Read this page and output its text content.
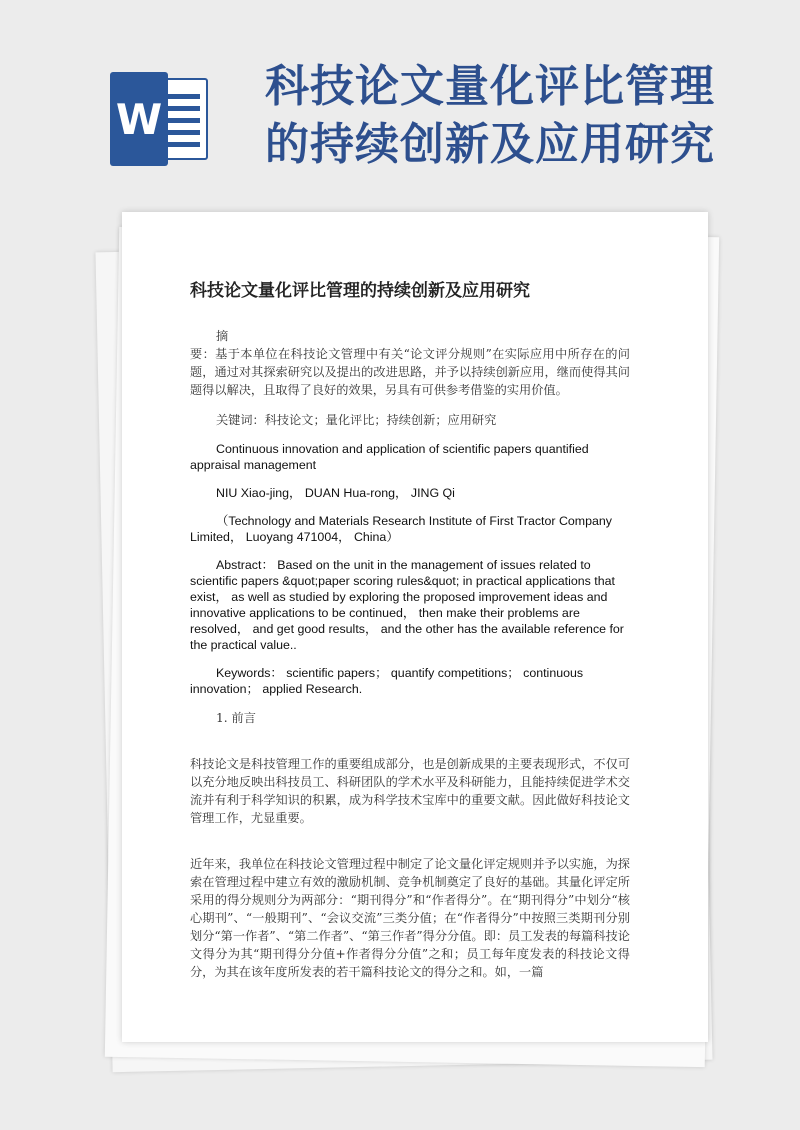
W
科技论文量化评比管理
的持续创新及应用研究

科技论文量化评比管理的持续创新及应用研究

摘

要：基于本单位在科技论文管理中有关“论文评分规则”在实际应用中所存在的问题，通过对其探索研究以及提出的改进思路，并予以持续创新应用，继而使得其问题得以解决，且取得了良好的效果，另具有可供参考借鉴的实用价值。

关键词：科技论文；量化评比；持续创新；应用研究

Continuous innovation and application of scientific papers quantified appraisal management

NIU Xiao-jing， DUAN Hua-rong， JING Qi

（Technology and Materials Research Institute of First Tractor Company Limited， Luoyang 471004， China）

Abstract： Based on the unit in the management of issues related to scientific papers &quot;paper scoring rules&quot; in practical applications that exist， as well as studied by exploring the proposed improvement ideas and innovative applications to be continued， then make their problems are resolved， and get good results， and the other has the available reference for the practical value..

Keywords： scientific papers； quantify competitions； continuous innovation； applied Research.

1. 前言

科技论文是科技管理工作的重要组成部分，也是创新成果的主要表现形式，不仅可以充分地反映出科技员工、科研团队的学术水平及科研能力，且能持续促进学术交流并有利于科学知识的积累，成为科学技术宝库中的重要文献。因此做好科技论文管理工作，尤显重要。

近年来，我单位在科技论文管理过程中制定了论文量化评定规则并予以实施，为探索在管理过程中建立有效的激励机制、竞争机制奠定了良好的基础。其量化评定所采用的得分规则分为两部分：“期刊得分”和“作者得分”。在“期刊得分”中划分“核心期刊”、“一般期刊”、“会议交流”三类分值；在“作者得分”中按照三类期刊分别划分“第一作者”、“第二作者”、“第三作者”得分分值。即：员工发表的每篇科技论文得分为其“期刊得分分值+作者得分分值”之和；员工每年度发表的科技论文得分，为其在该年度所发表的若干篇科技论文的得分之和。如，一篇
